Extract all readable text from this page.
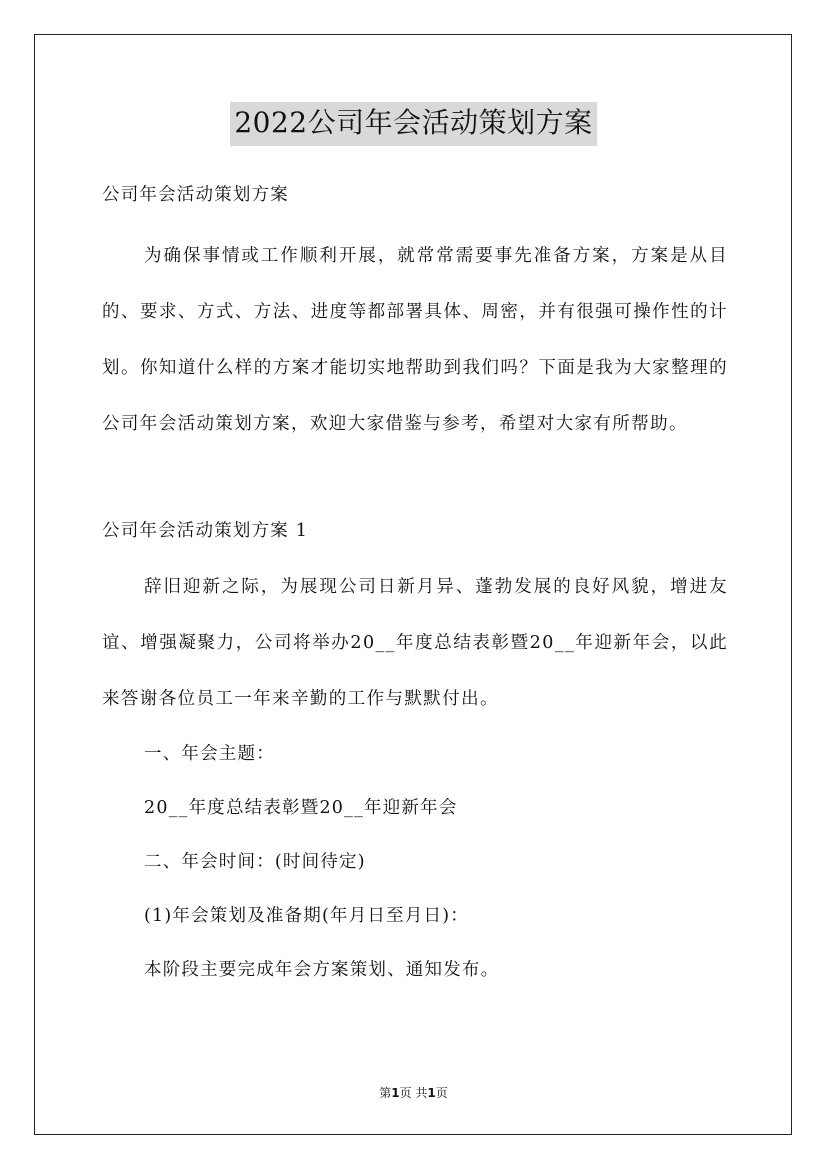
2022公司年会活动策划方案

公司年会活动策划方案

为确保事情或工作顺利开展，就常常需要事先准备方案，方案是从目的、要求、方式、方法、进度等都部署具体、周密，并有很强可操作性的计划。你知道什么样的方案才能切实地帮助到我们吗？下面是我为大家整理的公司年会活动策划方案，欢迎大家借鉴与参考，希望对大家有所帮助。

公司年会活动策划方案 1

辞旧迎新之际，为展现公司日新月异、蓬勃发展的良好风貌，增进友谊、增强凝聚力，公司将举办20__年度总结表彰暨20__年迎新年会，以此来答谢各位员工一年来辛勤的工作与默默付出。

一、年会主题：

20__年度总结表彰暨20__年迎新年会

二、年会时间：(时间待定)

(1)年会策划及准备期(年月日至月日)：

本阶段主要完成年会方案策划、通知发布。

第1页 共1页
